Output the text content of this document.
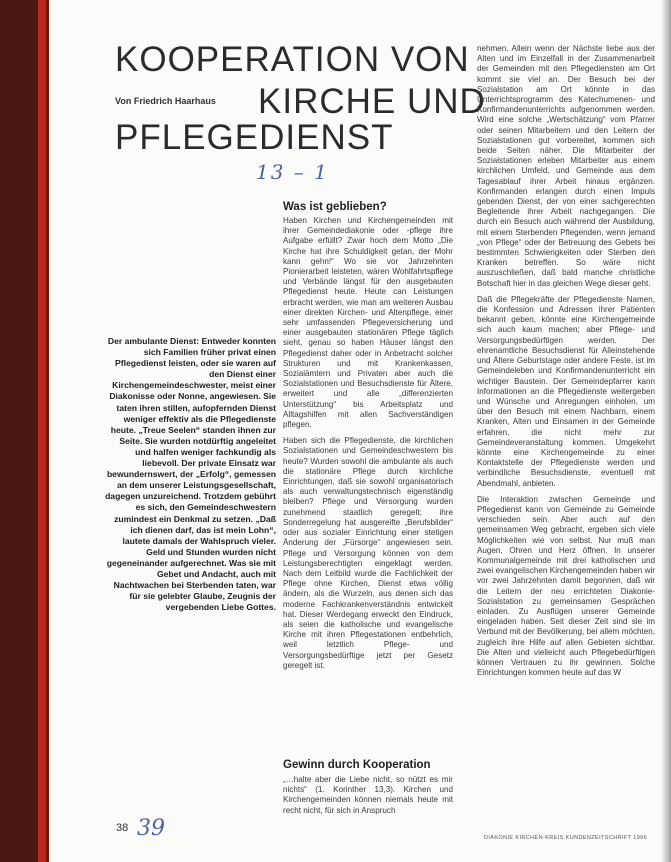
KOOPERATION VON
Von Friedrich Haarhaus KIRCHE UND
PFLEGEDIENST
13 – 1
Was ist geblieben?
Der ambulante Dienst: Entweder konnten sich Familien früher privat einen Pflegedienst leisten, oder sie waren auf den Dienst einer Kirchengemeindeschwester, meist einer Diakonisse oder Nonne, angewiesen. Sie taten ihren stillen, aufopfernden Dienst weniger effektiv als die Pflegedienste heute. „Treue Seelen“ standen ihnen zur Seite. Sie wurden notdürftig angeleitet und halfen weniger fachkundig als liebevoll. Der private Einsatz war bewundernswert, der „Erfolg“, gemessen an dem unserer Leistungsgesellschaft, dagegen unzureichend. Trotzdem gebührt es sich, den Gemeindeschwestern zumindest ein Denkmal zu setzen. „Daß ich dienen darf, das ist mein Lohn“, lautete damals der Wahlspruch vieler. Geld und Stunden wurden nicht gegeneinander aufgerechnet. Was sie mit Gebet und Andacht, auch mit Nachtwachen bei Sterbenden taten, war für sie gelebter Glaube, Zeugnis der vergebenden Liebe Gottes.

Haben Kirchen und Kirchengemeinden mit ihrer Gemeindediakonie oder -pflege ihre Aufgabe erfüllt? Zwar hoch dem Motto „Die Kirche hat ihre Schuldigkeit getan, der Mohr kann gehn!“ Wo sie vor Jahrzehnten Pionierarbeit leisteten, wären Wohlfahrtspflege und Verbände längst für den ausgebauten Pflegedienst heute. Heute can Leistungen erbracht werden, wie man am weiteren Ausbau einer direkten Kirchen- und Altenpflege, einer sehr umfassenden Pflegeversicherung und einer ausgebauten stationären Pflege täglich sieht, genau so haben Häuser längst den Pflegedienst daher oder in Anbetracht solcher Strukturen und mit Krankenkassen, Sozialämtern und Privaten aber auch die Sozialstationen und Besuchsdienste für Ältere, erweitert und alle „differenzierten Unterstützung“ bis Arbeitsplatz und Alltagshilfen mit allen Sachverständigen pflegen.

Haben sich die Pflegedienste, die kirchlichen Sozialstationen und Gemeindeschwestern bis heute? Wurden sowohl die ambulante als auch die stationäre Pflege durch kirchliche Einrichtungen, daß sie sowohl organisatorisch als auch verwaltungstechnisch eigenständig bleiben? Pflege und Versorgung wurden zunehmend staatlich geregelt; ihre Sonderregelung hat ausgereifte „Berufsbilder“ oder aus sozialer Einrichtung einer stetigen Änderung der „Fürsorge“ angewiesen sein. Pflege und Versorgung können von dem Leistungsberechtigten eingeklagt werden. Nach dem Leitbild wurde die Fachlichkeit der Pflege ohne Kirchen, Dienst etwa völlig ändern, als die Wurzeln, aus denen sich das moderne Fachkrankenverständnis entwickelt hat. Dieser Werdegang erweckt den Eindruck, als seien die katholische und evangelische Kirche mit ihren Pflegestationen entbehrlich, weil letztlich Pflege- und Versorgungsbedürftige jetzt per Gesetz geregelt ist.

Gewinn durch Kooperation

„…halte aber die Liebe nicht, so nützt es mir nichts“ (1. Korinther 13,3). Kirchen und Kirchengemeinden können niemals heute mit recht nicht, für sich in Anspruch

nehmen. Allein wenn der Nächste liebe aus der Alten und im Einzelfall in der Zusammenarbeit der Gemeinden mit den Pflegediensten am Ort kommt sie viel an. Der Besuch bei der Sozialstation am Ort könnte in das Unterrichtsprogramm des Katechumenen- und Konfirmandenunterrichts aufgenommen werden. Wird eine solche „Wertschätzung“ vom Pfarrer oder seinen Mitarbeitern und den Leitern der Sozialstationen gut vorbereitet, kommen sich beide Seiten näher. Die Mitarbeiter der Sozialstationen erleben Mitarbeiter aus einem kirchlichen Umfeld, und Gemeinde aus dem Tagesablauf ihrer Arbeit hinaus ergänzen. Konfirmanden erlangen durch einen Impuls gebenden Dienst, der von einer sachgerechten Begleitende ihrer Arbeit nachgegangen. Die durch ein Besuch auch während der Ausbildung, mit einem Sterbenden Pflegenden, wenn jemand „von Pflege“ oder der Betreuung des Gebets bei bestimmten Schwierigkeiten oder Sterben den Kranken betreffen. So wäre nicht auszuschließen, daß bald manche christliche Botschaft hier in das gleichen Wege dieser geht.

Daß die Pflegekräfte der Pflegedienste Namen, die Konfession und Adressen ihrer Patienten bekannt geben, könnte eine Kirchengemeinde sich auch kaum machen; aber Pflege- und Versorgungsbedürftigen werden. Der ehrenamtliche Besuchsdienst für Alleinstehende und Ältere Geburtstage oder andere Feste, ist im Gemeindeleben und Konfirmandenunterricht ein wichtiger Baustein. Der Gemeindepfarrer kann Informationen an die Pflegedienste weitergeben und Wünsche und Anregungen einholen, um über den Besuch mit einem Nachbarn, einem Kranken, Alten und Einsamen in der Gemeinde erfahren, die nicht mehr zur Gemeindeveranstaltung kommen. Umgekehrt könnte eine Kirchengemeinde zu einer Kontaktstelle der Pflegedienste werden und verbindliche Besuchsdienste, eventuell mit Abendmahl, anbieten.

Die Interaktion zwischen Gemeinde und Pflegedienst kann von Gemeinde zu Gemeinde verschieden sein. Aber auch auf den gemeinsamen Weg gebracht, ergeben sich viele Möglichkeiten wie von selbst. Nur muß man Augen, Ohren und Herz öffnen. In unserer Kommunalgemeinde mit drei katholischen und zwei evangelischen Kirchengemeinden haben wir vor zwei Jahrzehnten damit begonnen, daß wir die Leitern der neu errichteten Diakonie-Sozialstation zu gemeinsamen Gesprächen einladen. Zu Ausflügen unserer Gemeinde eingeladen haben. Seit dieser Zeit sind sie im Verbund mit der Bevölkerung, bei allem möchten, zugleich ihre Hilfe auf allen Gebieten sichtbar. Die Alten und vielleicht auch Pflegebedürftigen können Vertrauen zu ihr gewinnen. Solche Einrichtungen kommen heute auf das W

38 39	DIAKONIE KIRCHEN-KREIS KUNDENZEITSCHRIFT 1996
